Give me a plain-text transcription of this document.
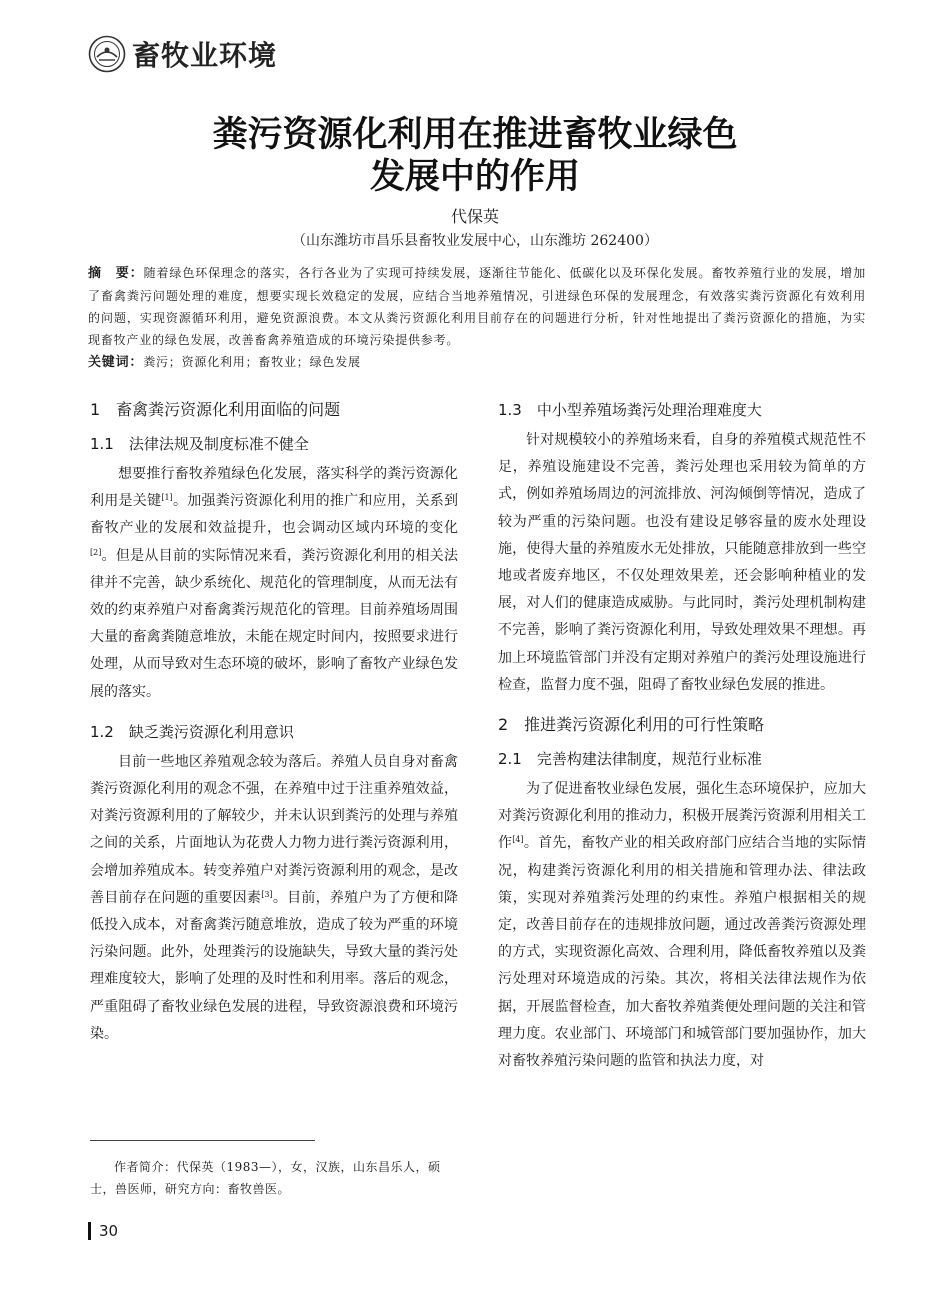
畜牧业环境
粪污资源化利用在推进畜牧业绿色
发展中的作用
代保英
（山东潍坊市昌乐县畜牧业发展中心，山东潍坊 262400）

摘　要：随着绿色环保理念的落实，各行各业为了实现可持续发展，逐渐往节能化、低碳化以及环保化发展。畜牧养殖行业的发展，增加了畜禽粪污问题处理的难度，想要实现长效稳定的发展，应结合当地养殖情况，引进绿色环保的发展理念，有效落实粪污资源化有效利用的问题，实现资源循环利用，避免资源浪费。本文从粪污资源化利用目前存在的问题进行分析，针对性地提出了粪污资源化的措施，为实现畜牧产业的绿色发展，改善畜禽养殖造成的环境污染提供参考。

关键词：粪污；资源化利用；畜牧业；绿色发展

1　畜禽粪污资源化利用面临的问题
1.1　法律法规及制度标准不健全

想要推行畜牧养殖绿色化发展，落实科学的粪污资源化利用是关键[1]。加强粪污资源化利用的推广和应用，关系到畜牧产业的发展和效益提升，也会调动区域内环境的变化[2]。但是从目前的实际情况来看，粪污资源化利用的相关法律并不完善，缺少系统化、规范化的管理制度，从而无法有效的约束养殖户对畜禽粪污规范化的管理。目前养殖场周围大量的畜禽粪随意堆放，未能在规定时间内，按照要求进行处理，从而导致对生态环境的破坏，影响了畜牧产业绿色发展的落实。

1.2　缺乏粪污资源化利用意识

目前一些地区养殖观念较为落后。养殖人员自身对畜禽粪污资源化利用的观念不强，在养殖中过于注重养殖效益，对粪污资源利用的了解较少，并未认识到粪污的处理与养殖之间的关系，片面地认为花费人力物力进行粪污资源利用，会增加养殖成本。转变养殖户对粪污资源利用的观念，是改善目前存在问题的重要因素[3]。目前，养殖户为了方便和降低投入成本，对畜禽粪污随意堆放，造成了较为严重的环境污染问题。此外，处理粪污的设施缺失，导致大量的粪污处理难度较大，影响了处理的及时性和利用率。落后的观念，严重阻碍了畜牧业绿色发展的进程，导致资源浪费和环境污染。

1.3　中小型养殖场粪污处理治理难度大

针对规模较小的养殖场来看，自身的养殖模式规范性不足，养殖设施建设不完善，粪污处理也采用较为简单的方式，例如养殖场周边的河流排放、河沟倾倒等情况，造成了较为严重的污染问题。也没有建设足够容量的废水处理设施，使得大量的养殖废水无处排放，只能随意排放到一些空地或者废弃地区，不仅处理效果差，还会影响种植业的发展，对人们的健康造成威胁。与此同时，粪污处理机制构建不完善，影响了粪污资源化利用，导致处理效果不理想。再加上环境监管部门并没有定期对养殖户的粪污处理设施进行检查，监督力度不强，阻碍了畜牧业绿色发展的推进。

2　推进粪污资源化利用的可行性策略
2.1　完善构建法律制度，规范行业标准

为了促进畜牧业绿色发展，强化生态环境保护，应加大对粪污资源化利用的推动力，积极开展粪污资源利用相关工作[4]。首先，畜牧产业的相关政府部门应结合当地的实际情况，构建粪污资源化利用的相关措施和管理办法、律法政策，实现对养殖粪污处理的约束性。养殖户根据相关的规定，改善目前存在的违规排放问题，通过改善粪污资源处理的方式，实现资源化高效、合理利用，降低畜牧养殖以及粪污处理对环境造成的污染。其次，将相关法律法规作为依据，开展监督检查，加大畜牧养殖粪便处理问题的关注和管理力度。农业部门、环境部门和城管部门要加强协作，加大对畜牧养殖污染问题的监管和执法力度，对

作者简介：代保英（1983—），女，汉族，山东昌乐人，硕士，兽医师，研究方向：畜牧兽医。

30
